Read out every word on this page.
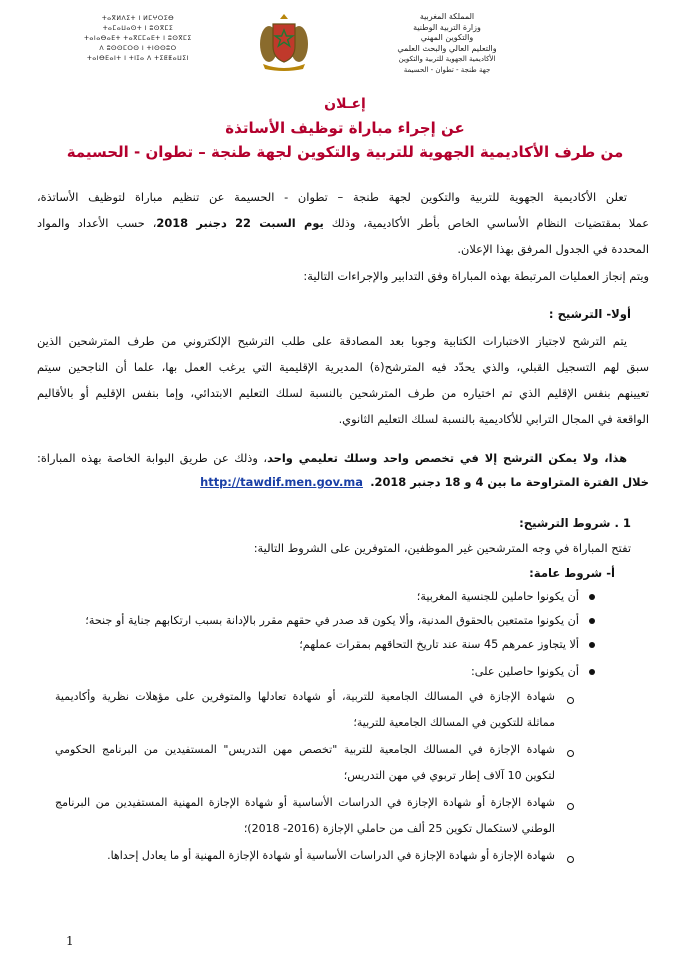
ⵜⴰⴳⵍⴷⵉⵜ ⵏ ⵍⵎⵖⵔⵉⴱ
ⵜⴰⵎⴰⵡⴰⵙⵜ ⵏ ⵓⵙⴳⵎⵉ
ⵜⴰⵏⴰⴱⴰⴹⵜ ⵜⴰⴳⵎⵎⴰⴹⵜ ⵏ ⵓⵙⴳⵎⵉ
ⴷ ⵓⵙⵙⵎⵔⵙ ⵏ ⵜⵏⵙⵙⵓⵔ
ⵜⴰⵏⴱⴹⴰⵏⵜ ⵏ ⵜⵏⵊⴰ ⴷ ⵜⵉⵟⵟⴰⵡⵉⵏ
المملكة المغربية
وزارة التربية الوطنية
والتكوين المهني
والتعليم العالي والبحث العلمي
الأكاديمية الجهوية للتربية والتكوين
جهة طنجة - تطوان - الحسيمة
إعـلان
عن إجراء مباراة توظيف الأساتذة
من طرف الأكاديمية الجهوية للتربية والتكوين لجهة طنجة – تطوان - الحسيمة
تعلن الأكاديمية الجهوية للتربية والتكوين لجهة طنجة – تطوان - الحسيمة عن تنظيم مباراة لتوظيف الأساتذة،
عملا بمقتضيات النظام الأساسي الخاص بأطر الأكاديمية، وذلك يوم السبت 22 دجنبر 2018، حسب الأعداد والمواد
المحددة في الجدول المرفق بهذا الإعلان.
ويتم إنجاز العمليات المرتبطة بهذه المباراة وفق التدابير والإجراءات التالية:
أولا- الترشيح :
يتم الترشح لاجتياز الاختبارات الكتابية وجوبا بعد المصادقة على طلب الترشيح الإلكتروني من طرف المترشحين الذين
سبق لهم التسجيل القبلي، والذي يحدّد فيه المترشح(ة) المديرية الإقليمية التي يرغب العمل بها، علما أن الناجحين سيتم
تعيينهم بنفس الإقليم الذي تم اختياره من طرف المترشحين بالنسبة لسلك التعليم الابتدائي، وإما بنفس الإقليم أو بالأقاليم
الواقعة في المجال الترابي للأكاديمية بالنسبة لسلك التعليم الثانوي.
هذا، ولا يمكن الترشح إلا في تخصص واحد وسلك تعليمي واحد، وذلك عن طريق البوابة الخاصة بهذه المباراة:
خلال الفترة المتراوحة ما بين 4 و 18 دجنبر 2018.  http://tawdif.men.gov.ma
1 . شروط الترشيح:
تفتح المباراة في وجه المترشحين غير الموظفين، المتوفرين على الشروط التالية:
أ- شروط عامة:
أن يكونوا حاملين للجنسية المغربية؛
أن يكونوا متمتعين بالحقوق المدنية، وألا يكون قد صدر في حقهم مقرر بالإدانة بسبب ارتكابهم جناية أو جنحة؛
ألا يتجاوز عمرهم 45 سنة عند تاريخ التحاقهم بمقرات عملهم؛
أن يكونوا حاصلين على:
شهادة الإجازة في المسالك الجامعية للتربية، أو شهادة تعادلها والمتوفرين على مؤهلات نظرية وأكاديمية
مماثلة للتكوين في المسالك الجامعية للتربية؛
شهادة الإجازة في المسالك الجامعية للتربية "تخصص مهن التدريس" المستفيدين من البرنامج الحكومي
لتكوين 10 آلاف إطار تربوي في مهن التدريس؛
شهادة الإجازة أو شهادة الإجازة في الدراسات الأساسية أو شهادة الإجازة المهنية المستفيدين من البرنامج
الوطني لاستكمال تكوين 25 ألف من حاملي الإجازة (2016- 2018)؛
شهادة الإجازة أو شهادة الإجازة في الدراسات الأساسية أو شهادة الإجازة المهنية أو ما يعادل إحداها.
1
